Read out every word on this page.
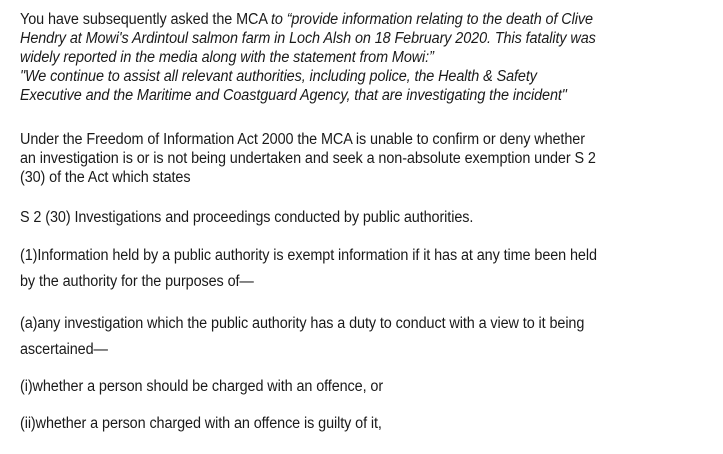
You have subsequently asked the MCA to “provide information relating to the death of Clive
Hendry at Mowi's Ardintoul salmon farm in Loch Alsh on 18 February 2020. This fatality was
widely reported in the media along with the statement from Mowi:”
"We continue to assist all relevant authorities, including police, the Health & Safety
Executive and the Maritime and Coastguard Agency, that are investigating the incident"
Under the Freedom of Information Act 2000 the MCA is unable to confirm or deny whether
an investigation is or is not being undertaken and seek a non-absolute exemption under S 2
(30) of the Act which states
S 2 (30) Investigations and proceedings conducted by public authorities.
(1)Information held by a public authority is exempt information if it has at any time been held
by the authority for the purposes of—
(a)any investigation which the public authority has a duty to conduct with a view to it being
ascertained—
(i)whether a person should be charged with an offence, or
(ii)whether a person charged with an offence is guilty of it,
